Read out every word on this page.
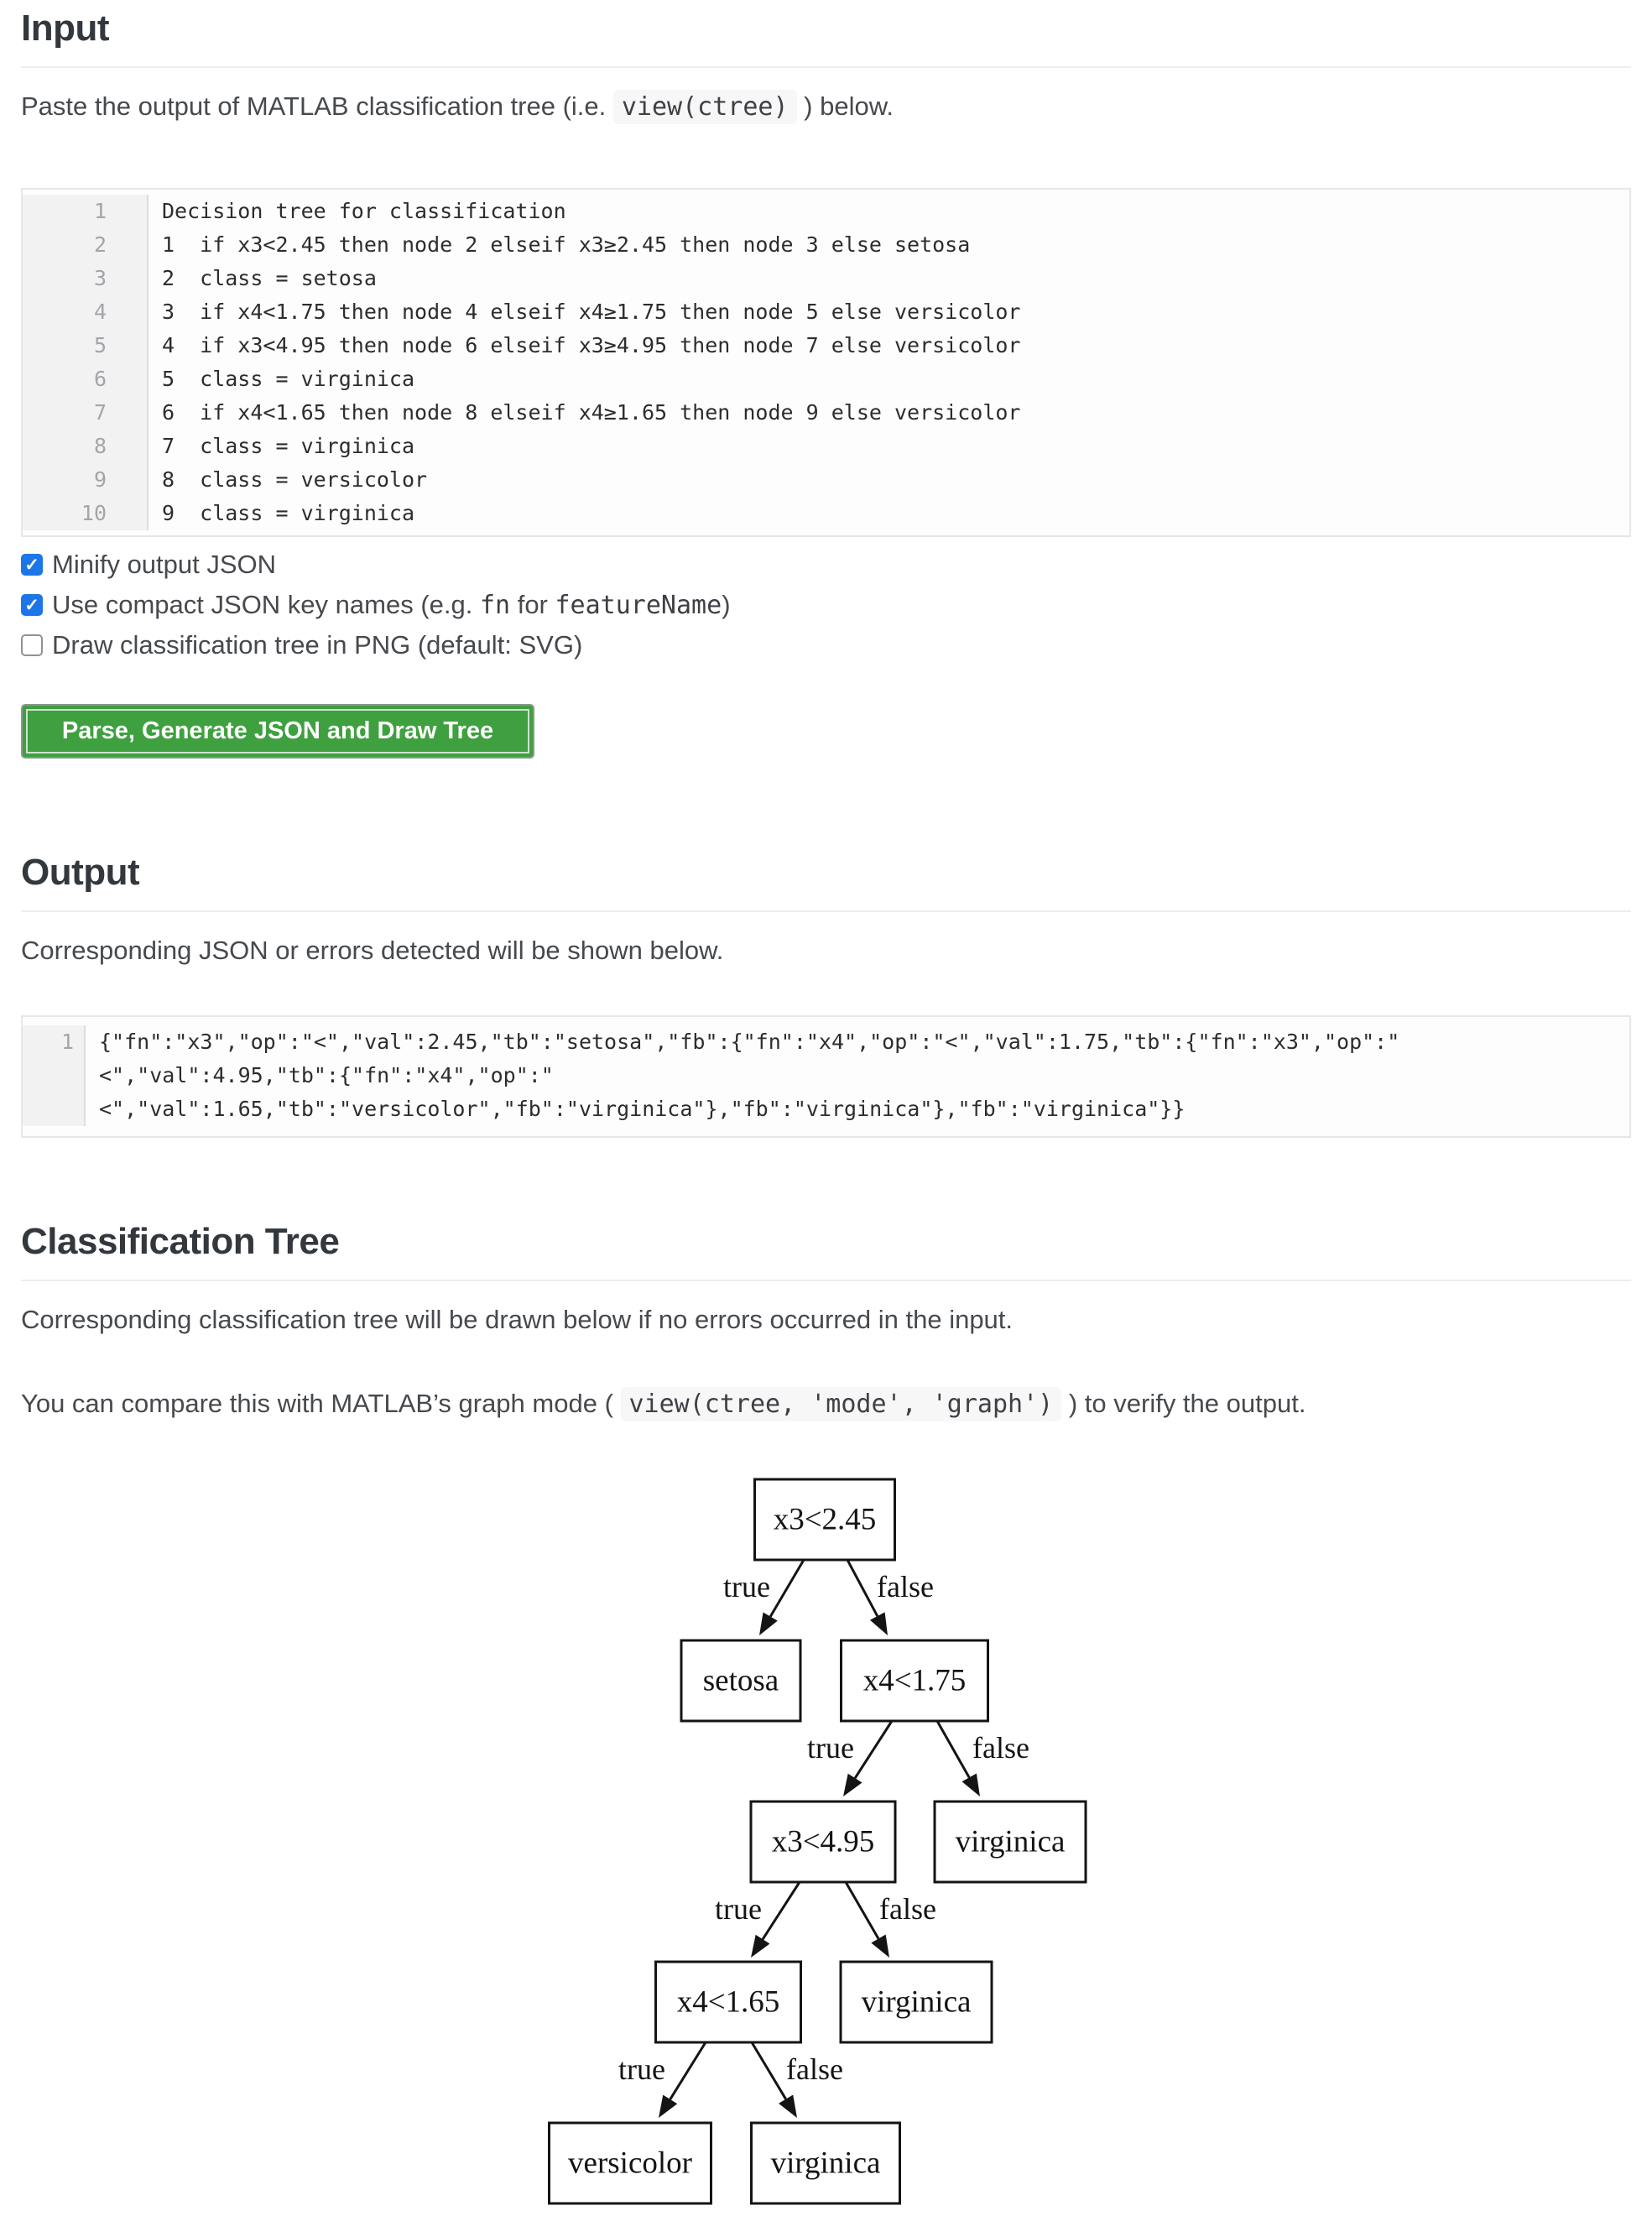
Input

Paste the output of MATLAB classification tree (i.e. view(ctree) ) below.

1	Decision tree for classification
2	1  if x3<2.45 then node 2 elseif x3≥2.45 then node 3 else setosa
3	2  class = setosa
4	3  if x4<1.75 then node 4 elseif x4≥1.75 then node 5 else versicolor
5	4  if x3<4.95 then node 6 elseif x3≥4.95 then node 7 else versicolor
6	5  class = virginica
7	6  if x4<1.65 then node 8 elseif x4≥1.65 then node 9 else versicolor
8	7  class = virginica
9	8  class = versicolor
10	9  class = virginica
✓ Minify output JSON
✓ Use compact JSON key names (e.g. fn for featureName)
Draw classification tree in PNG (default: SVG)
Parse, Generate JSON and Draw Tree
Output

Corresponding JSON or errors detected will be shown below.

1	{"fn":"x3","op":"<","val":2.45,"tb":"setosa","fb":{"fn":"x4","op":"<","val":1.75,"tb":{"fn":"x3","op":"
<","val":4.95,"tb":{"fn":"x4","op":"
<","val":1.65,"tb":"versicolor","fb":"virginica"},"fb":"virginica"},"fb":"virginica"}}
Classification Tree

Corresponding classification tree will be drawn below if no errors occurred in the input.

You can compare this with MATLAB’s graph mode ( view(ctree, 'mode', 'graph') ) to verify the output.

true	false
true	false
true	false
true	false
x3<2.45
setosa	x4<1.75
x3<4.95	virginica
x4<1.65	virginica
versicolor	virginica
